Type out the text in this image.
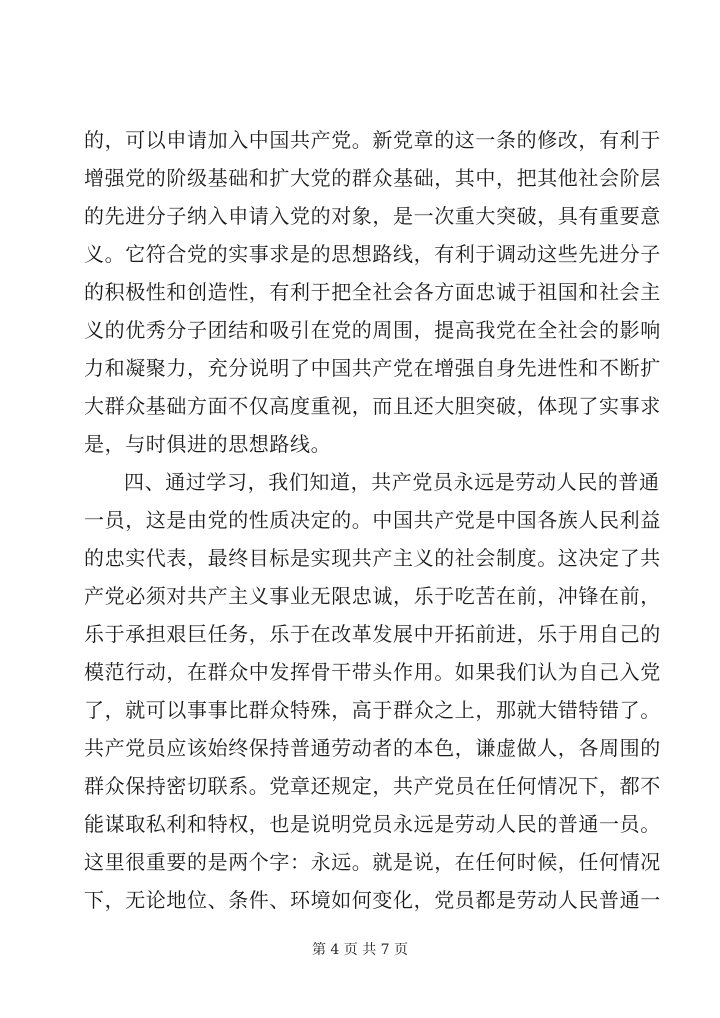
的，可以申请加入中国共产党。新党章的这一条的修改，有利于
增强党的阶级基础和扩大党的群众基础，其中，把其他社会阶层
的先进分子纳入申请入党的对象，是一次重大突破，具有重要意
义。它符合党的实事求是的思想路线，有利于调动这些先进分子
的积极性和创造性，有利于把全社会各方面忠诚于祖国和社会主
义的优秀分子团结和吸引在党的周围，提高我党在全社会的影响
力和凝聚力，充分说明了中国共产党在增强自身先进性和不断扩
大群众基础方面不仅高度重视，而且还大胆突破，体现了实事求
是，与时俱进的思想路线。
四、通过学习，我们知道，共产党员永远是劳动人民的普通
一员，这是由党的性质决定的。中国共产党是中国各族人民利益
的忠实代表，最终目标是实现共产主义的社会制度。这决定了共
产党必须对共产主义事业无限忠诚，乐于吃苦在前，冲锋在前，
乐于承担艰巨任务，乐于在改革发展中开拓前进，乐于用自己的
模范行动，在群众中发挥骨干带头作用。如果我们认为自己入党
了，就可以事事比群众特殊，高于群众之上，那就大错特错了。
共产党员应该始终保持普通劳动者的本色，谦虚做人，各周围的
群众保持密切联系。党章还规定，共产党员在任何情况下，都不
能谋取私利和特权，也是说明党员永远是劳动人民的普通一员。
这里很重要的是两个字：永远。就是说，在任何时候，任何情况
下，无论地位、条件、环境如何变化，党员都是劳动人民普通一
第 4 页 共 7 页
